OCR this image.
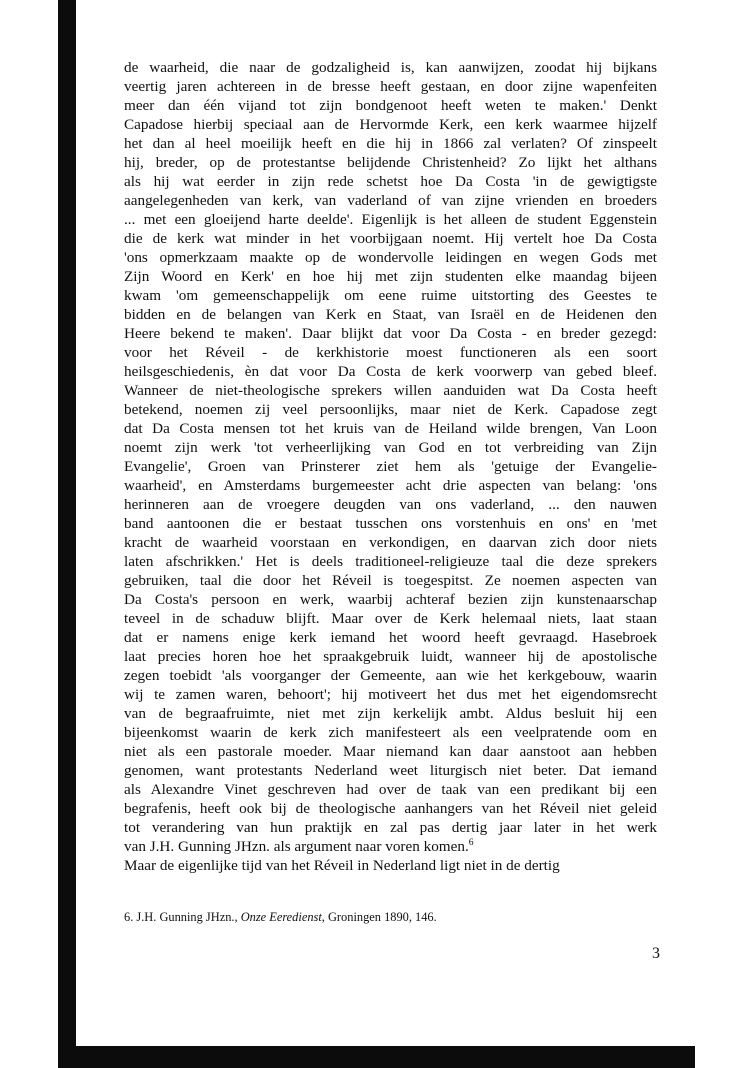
de waarheid, die naar de godzaligheid is, kan aanwijzen, zoodat hij bijkans
veertig jaren achtereen in de bresse heeft gestaan, en door zijne wapenfeiten
meer dan één vijand tot zijn bondgenoot heeft weten te maken.' Denkt
Capadose hierbij speciaal aan de Hervormde Kerk, een kerk waarmee hijzelf
het dan al heel moeilijk heeft en die hij in 1866 zal verlaten? Of zinspeelt
hij, breder, op de protestantse belijdende Christenheid? Zo lijkt het althans
als hij wat eerder in zijn rede schetst hoe Da Costa 'in de gewigtigste
aangelegenheden van kerk, van vaderland of van zijne vrienden en broeders
... met een gloeijend harte deelde'. Eigenlijk is het alleen de student Eggenstein
die de kerk wat minder in het voorbijgaan noemt. Hij vertelt hoe Da Costa
'ons opmerkzaam maakte op de wondervolle leidingen en wegen Gods met
Zijn Woord en Kerk' en hoe hij met zijn studenten elke maandag bijeen
kwam 'om gemeenschappelijk om eene ruime uitstorting des Geestes te
bidden en de belangen van Kerk en Staat, van Israël en de Heidenen den
Heere bekend te maken'. Daar blijkt dat voor Da Costa - en breder gezegd:
voor het Réveil - de kerkhistorie moest functioneren als een soort
heilsgeschiedenis, èn dat voor Da Costa de kerk voorwerp van gebed bleef.
Wanneer de niet-theologische sprekers willen aanduiden wat Da Costa heeft
betekend, noemen zij veel persoonlijks, maar niet de Kerk. Capadose zegt
dat Da Costa mensen tot het kruis van de Heiland wilde brengen, Van Loon
noemt zijn werk 'tot verheerlijking van God en tot verbreiding van Zijn
Evangelie', Groen van Prinsterer ziet hem als 'getuige der Evangelie-
waarheid', en Amsterdams burgemeester acht drie aspecten van belang: 'ons
herinneren aan de vroegere deugden van ons vaderland, ... den nauwen
band aantoonen die er bestaat tusschen ons vorstenhuis en ons' en 'met
kracht de waarheid voorstaan en verkondigen, en daarvan zich door niets
laten afschrikken.' Het is deels traditioneel-religieuze taal die deze sprekers
gebruiken, taal die door het Réveil is toegespitst. Ze noemen aspecten van
Da Costa's persoon en werk, waarbij achteraf bezien zijn kunstenaarschap
teveel in de schaduw blijft. Maar over de Kerk helemaal niets, laat staan
dat er namens enige kerk iemand het woord heeft gevraagd. Hasebroek
laat precies horen hoe het spraakgebruik luidt, wanneer hij de apostolische
zegen toebidt 'als voorganger der Gemeente, aan wie het kerkgebouw, waarin
wij te zamen waren, behoort'; hij motiveert het dus met het eigendomsrecht
van de begraafruimte, niet met zijn kerkelijk ambt. Aldus besluit hij een
bijeenkomst waarin de kerk zich manifesteert als een veelpratende oom en
niet als een pastorale moeder. Maar niemand kan daar aanstoot aan hebben
genomen, want protestants Nederland weet liturgisch niet beter. Dat iemand
als Alexandre Vinet geschreven had over de taak van een predikant bij een
begrafenis, heeft ook bij de theologische aanhangers van het Réveil niet geleid
tot verandering van hun praktijk en zal pas dertig jaar later in het werk
van J.H. Gunning JHzn. als argument naar voren komen.$^6$
Maar de eigenlijke tijd van het Réveil in Nederland ligt niet in de dertig
6. J.H. Gunning JHzn., Onze Eeredienst, Groningen 1890, 146.
3
